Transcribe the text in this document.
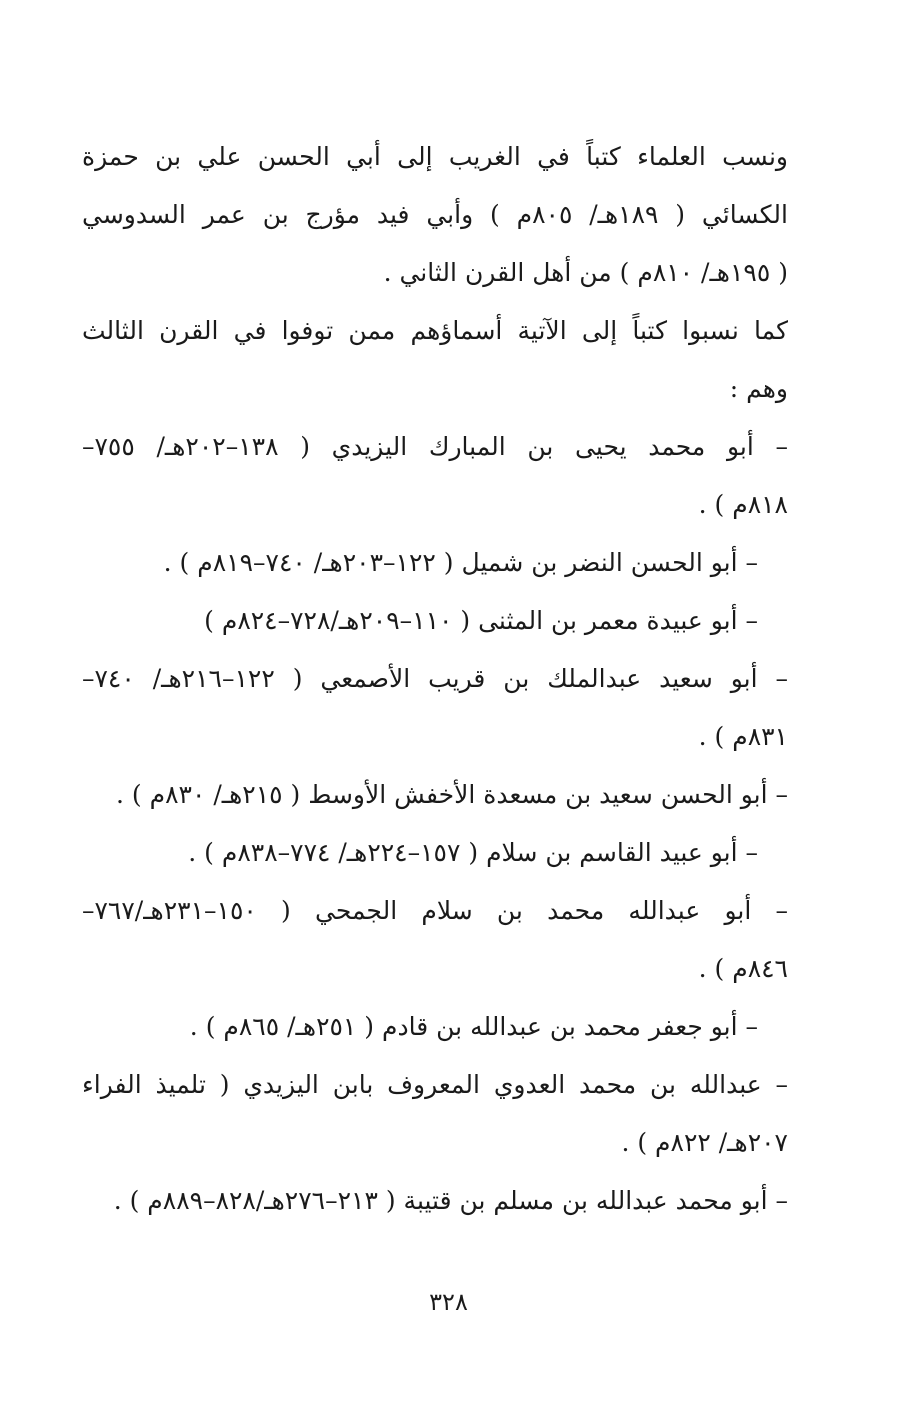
ونسب العلماء كتباً في الغريب إلى أبي الحسن علي بن حمزة
الكسائي ( ١٨٩هـ/ ٨٠٥م ) وأبي فيد مؤرج بن عمر السدوسي
( ١٩٥هـ/ ٨١٠م ) من أهل القرن الثاني .
كما نسبوا كتباً إلى الآتية أسماؤهم ممن توفوا في القرن الثالث
وهم :
– أبو محمد يحيى بن المبارك اليزيدي ( ١٣٨–٢٠٢هـ/ ٧٥٥–
٨١٨م ) .
– أبو الحسن النضر بن شميل ( ١٢٢–٢٠٣هـ/ ٧٤٠–٨١٩م ) .
– أبو عبيدة معمر بن المثنى ( ١١٠–٢٠٩هـ/٧٢٨–٨٢٤م )
– أبو سعيد عبدالملك بن قريب الأصمعي ( ١٢٢–٢١٦هـ/ ٧٤٠–
٨٣١م ) .
– أبو الحسن سعيد بن مسعدة الأخفش الأوسط ( ٢١٥هـ/ ٨٣٠م ) .
– أبو عبيد القاسم بن سلام ( ١٥٧–٢٢٤هـ/ ٧٧٤–٨٣٨م ) .
– أبو عبدالله محمد بن سلام الجمحي ( ١٥٠–٢٣١هـ/٧٦٧–
٨٤٦م ) .
– أبو جعفر محمد بن عبدالله بن قادم ( ٢٥١هـ/ ٨٦٥م ) .
– عبدالله بن محمد العدوي المعروف بابن اليزيدي ( تلميذ الفراء
٢٠٧هـ/ ٨٢٢م ) .
– أبو محمد عبدالله بن مسلم بن قتيبة ( ٢١٣–٢٧٦هـ/٨٢٨–٨٨٩م ) .
٣٢٨
